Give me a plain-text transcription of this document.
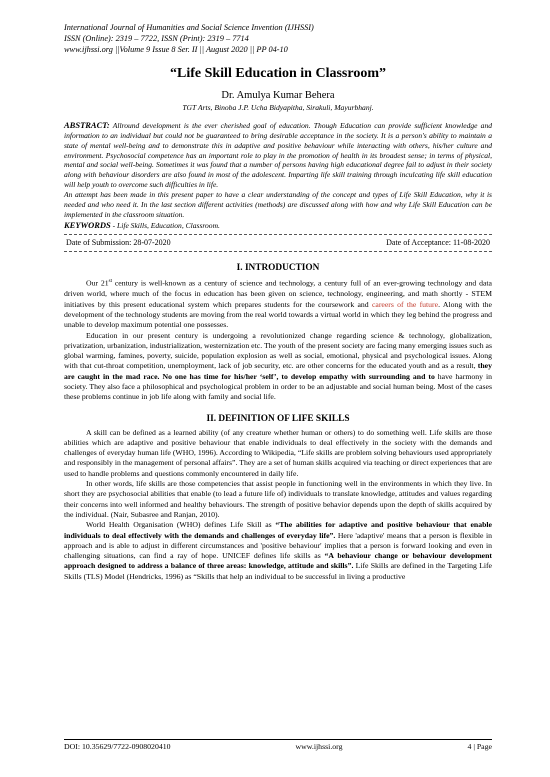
International Journal of Humanities and Social Science Invention (IJHSSI)
ISSN (Online): 2319 – 7722, ISSN (Print): 2319 – 7714
www.ijhssi.org ||Volume 9 Issue 8 Ser. II || August 2020 || PP 04-10
“Life Skill Education in Classroom”
Dr. Amulya Kumar Behera
TGT Arts, Binoba J.P. Ucha Bidyapitha, Sirakuli, Mayurbhanj.

ABSTRACT: Allround development is the ever cherished goal of education. Though Education can provide sufficient knowledge and information to an individual but could not be guaranteed to bring desirable acceptance in the society. It is a person's ability to maintain a state of mental well-being and to demonstrate this in adaptive and positive behaviour while interacting with others, his/her culture and environment. Psychosocial competence has an important role to play in the promotion of health in its broadest sense; in terms of physical, mental and social well-being. Sometimes it was found that a number of persons having high educational degree fail to adjust in their society along with behaviour disorders are also found in most of the adolescent. Imparting life skill training through inculcating life skill education will help youth to overcome such difficulties in life.

An attempt has been made in this present paper to have a clear understanding of the concept and types of Life Skill Education, why it is needed and who need it. In the last section different activities (methods) are discussed along with how and why Life Skill Education can be implemented in the classroom situation.

KEYWORDS - Life Skills, Education, Classroom.
Date of Submission: 28-07-2020	Date of Acceptance: 11-08-2020
I. INTRODUCTION

Our 21st century is well-known as a century of science and technology, a century full of an ever-growing technology and data driven world, where much of the focus in education has been given on science, technology, engineering, and math shortly - STEM initiatives by this present educational system which prepares students for the coursework and careers of the future. Along with the development of the technology students are moving from the real world towards a virtual world in which they leg behind the progress and unable to develop maximum potential one possesses.

Education in our present century is undergoing a revolutionized change regarding science & technology, globalization, privatization, urbanization, industrialization, westernization etc. The youth of the present society are facing many emerging issues such as global warming, famines, poverty, suicide, population explosion as well as social, emotional, physical and psychological issues. Along with that cut-throat competition, unemployment, lack of job security, etc. are other concerns for the educated youth and as a result, they are caught in the mad race. No one has time for his/her ‘self’, to develop empathy with surrounding and to have harmony in society. They also face a philosophical and psychological problem in order to be an adjustable and social human being. Most of the cases these problems continue in job life along with family and social life.

II. DEFINITION OF LIFE SKILLS

A skill can be defined as a learned ability (of any creature whether human or others) to do something well. Life skills are those abilities which are adaptive and positive behaviour that enable individuals to deal effectively in the society with the demands and challenges of everyday human life (WHO, 1996). According to Wikipedia, “Life skills are problem solving behaviours used appropriately and responsibly in the management of personal affairs”. They are a set of human skills acquired via teaching or direct experiences that are used to handle problems and questions commonly encountered in daily life.

In other words, life skills are those competencies that assist people in functioning well in the environments in which they live. In short they are psychosocial abilities that enable (to lead a future life of) individuals to translate knowledge, attitudes and values regarding their concerns into well informed and healthy behaviours. The strength of positive behavior depends upon the depth of skills acquired by the individual. (Nair, Subasree and Ranjan, 2010).

World Health Organisation (WHO) defines Life Skill as “The abilities for adaptive and positive behaviour that enable individuals to deal effectively with the demands and challenges of everyday life”. Here 'adaptive' means that a person is flexible in approach and is able to adjust in different circumstances and 'positive behaviour' implies that a person is forward looking and even in challenging situations, can find a ray of hope. UNICEF defines life skills as “A behaviour change or behaviour development approach designed to address a balance of three areas: knowledge, attitude and skills”. Life Skills are defined in the Targeting Life Skills (TLS) Model (Hendricks, 1996) as “Skills that help an individual to be successful in living a productive

DOI: 10.35629/7722-0908020410	www.ijhssi.org	4 | Page
